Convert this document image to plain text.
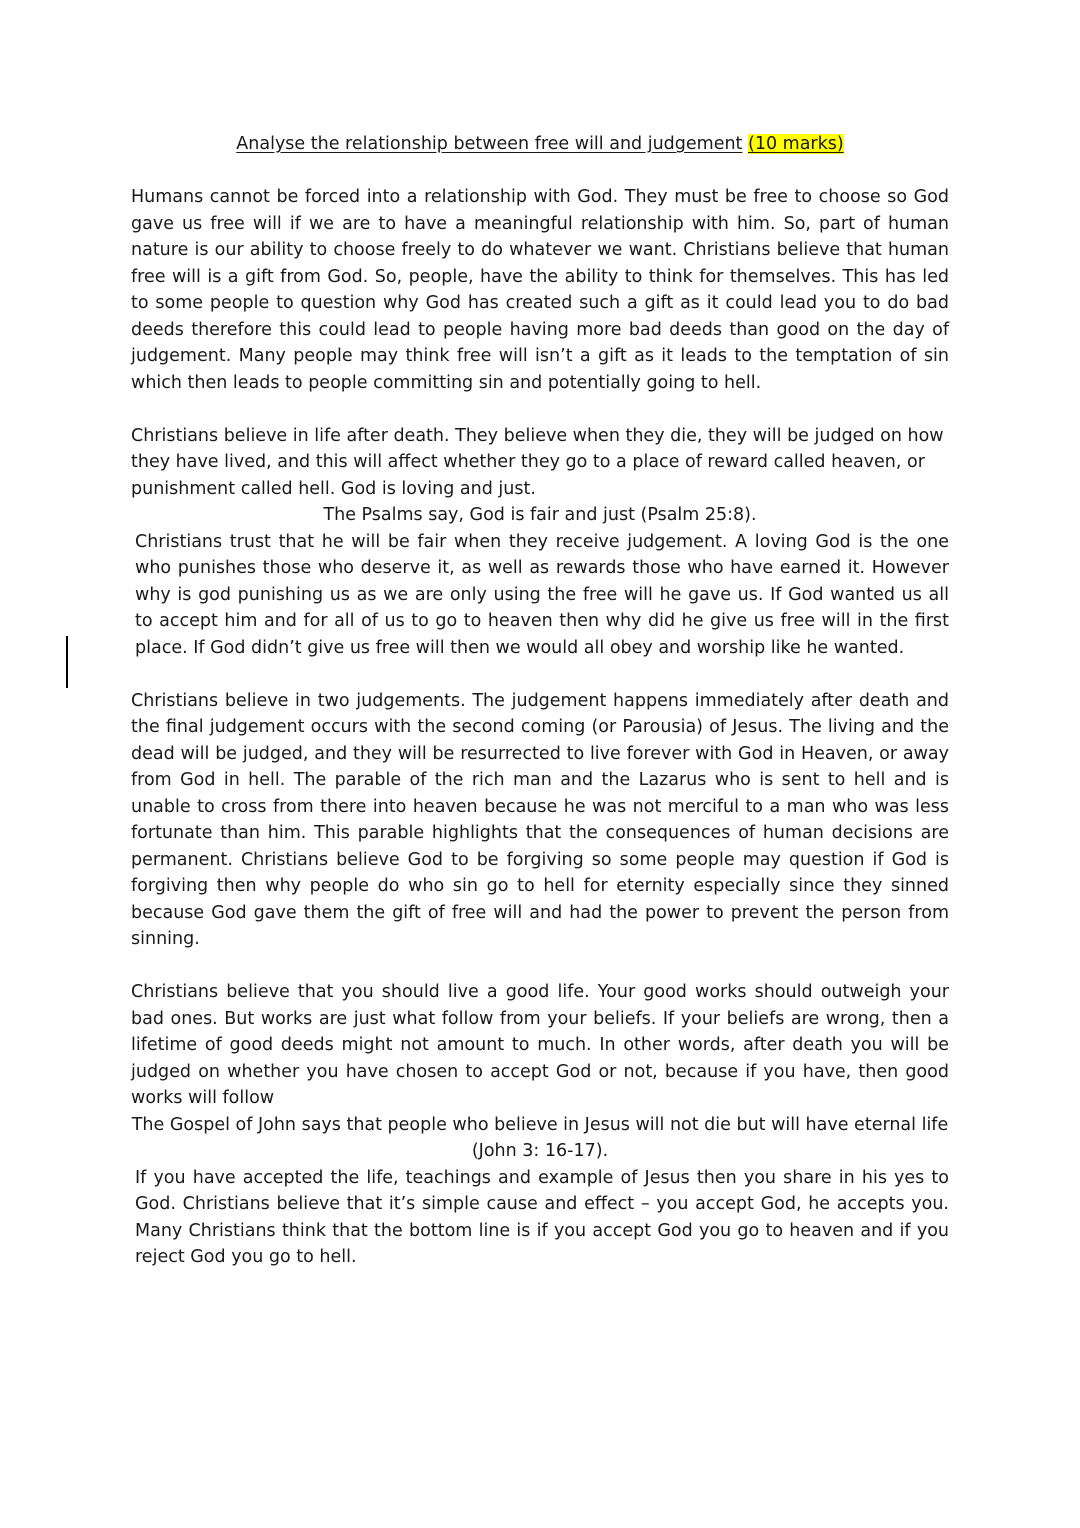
Analyse the relationship between free will and judgement (10 marks)

Humans cannot be forced into a relationship with God. They must be free to choose so God gave us free will if we are to have a meaningful relationship with him. So, part of human nature is our ability to choose freely to do whatever we want. Christians believe that human free will is a gift from God. So, people, have the ability to think for themselves. This has led to some people to question why God has created such a gift as it could lead you to do bad deeds therefore this could lead to people having more bad deeds than good on the day of judgement. Many people may think free will isn’t a gift as it leads to the temptation of sin which then leads to people committing sin and potentially going to hell.

Christians believe in life after death. They believe when they die, they will be judged on how they have lived, and this will affect whether they go to a place of reward called heaven, or punishment called hell. God is loving and just.

The Psalms say, God is fair and just (Psalm 25:8).

Christians trust that he will be fair when they receive judgement. A loving God is the one who punishes those who deserve it, as well as rewards those who have earned it. However why is god punishing us as we are only using the free will he gave us. If God wanted us all to accept him and for all of us to go to heaven then why did he give us free will in the first place. If God didn’t give us free will then we would all obey and worship like he wanted.

Christians believe in two judgements. The judgement happens immediately after death and the final judgement occurs with the second coming (or Parousia) of Jesus. The living and the dead will be judged, and they will be resurrected to live forever with God in Heaven, or away from God in hell. The parable of the rich man and the Lazarus who is sent to hell and is unable to cross from there into heaven because he was not merciful to a man who was less fortunate than him. This parable highlights that the consequences of human decisions are permanent. Christians believe God to be forgiving so some people may question if God is forgiving then why people do who sin go to hell for eternity especially since they sinned because God gave them the gift of free will and had the power to prevent the person from sinning.

Christians believe that you should live a good life. Your good works should outweigh your bad ones. But works are just what follow from your beliefs. If your beliefs are wrong, then a lifetime of good deeds might not amount to much. In other words, after death you will be judged on whether you have chosen to accept God or not, because if you have, then good works will follow

The Gospel of John says that people who believe in Jesus will not die but will have eternal life (John 3: 16-17).

If you have accepted the life, teachings and example of Jesus then you share in his yes to God. Christians believe that it’s simple cause and effect – you accept God, he accepts you. Many Christians think that the bottom line is if you accept God you go to heaven and if you reject God you go to hell.
